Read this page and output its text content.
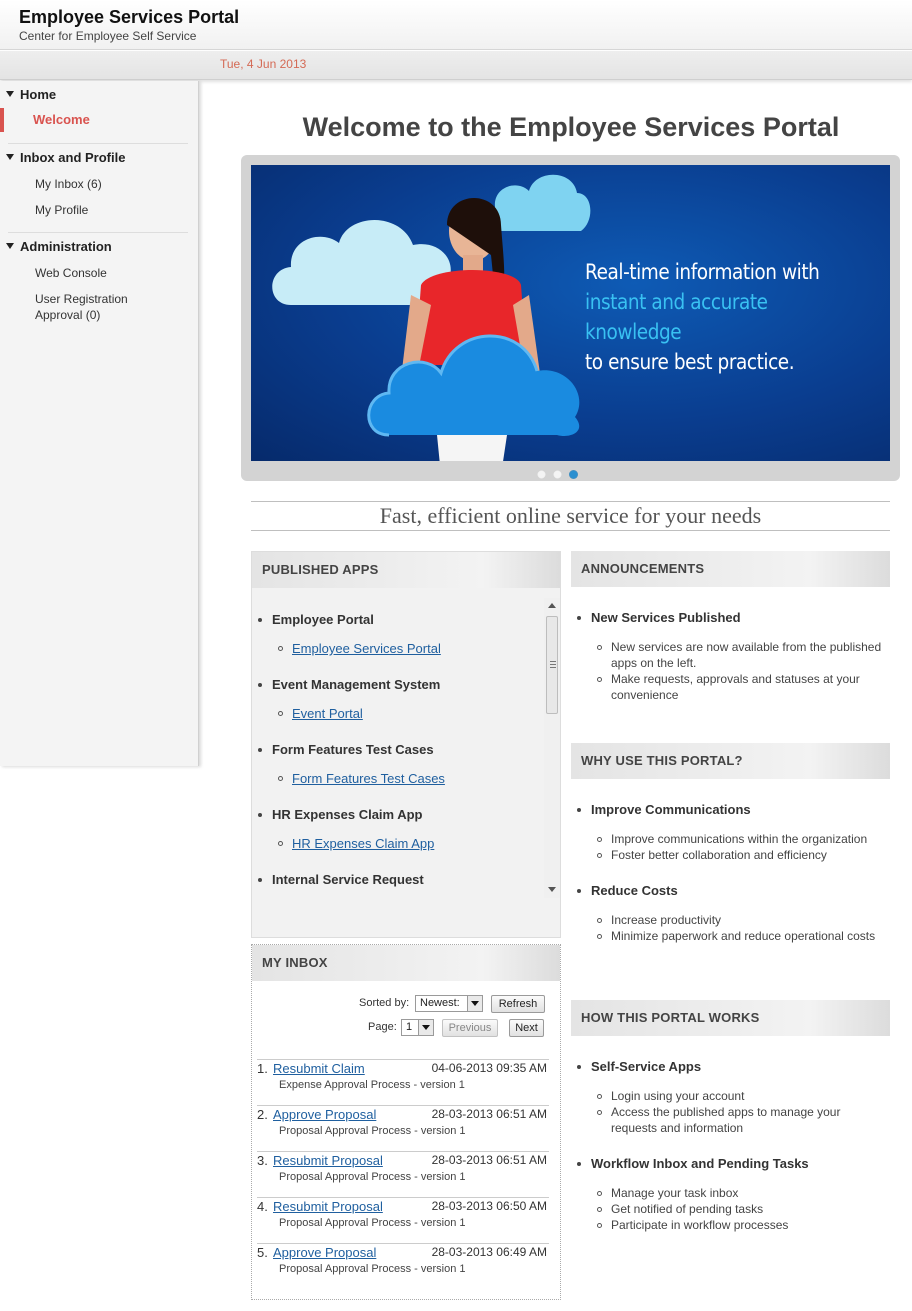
Employee Services Portal
Center for Employee Self Service
Tue, 4 Jun 2013
Home
Welcome
Inbox and Profile
My Inbox (6)
My Profile
Administration
Web Console
User Registration Approval (0)
Welcome to the Employee Services Portal
Real-time information with
instant and accurate knowledge
to ensure best practice.
Fast, efficient online service for your needs
PUBLISHED APPS
Employee Portal
Employee Services Portal
Event Management System
Event Portal
Form Features Test Cases
Form Features Test Cases
HR Expenses Claim App
HR Expenses Claim App
Internal Service Request
MY INBOX
Sorted by: Newest:	Refresh
Page: 1	Previous	Next
1. Resubmit Claim	04-06-2013 09:35 AM
Expense Approval Process - version 1
2. Approve Proposal	28-03-2013 06:51 AM
Proposal Approval Process - version 1
3. Resubmit Proposal	28-03-2013 06:51 AM
Proposal Approval Process - version 1
4. Resubmit Proposal	28-03-2013 06:50 AM
Proposal Approval Process - version 1
5. Approve Proposal	28-03-2013 06:49 AM
Proposal Approval Process - version 1
ANNOUNCEMENTS
New Services Published
New services are now available from the published apps on the left.
Make requests, approvals and statuses at your convenience
WHY USE THIS PORTAL?
Improve Communications
Improve communications within the organization
Foster better collaboration and efficiency
Reduce Costs
Increase productivity
Minimize paperwork and reduce operational costs
HOW THIS PORTAL WORKS
Self-Service Apps
Login using your account
Access the published apps to manage your requests and information
Workflow Inbox and Pending Tasks
Manage your task inbox
Get notified of pending tasks
Participate in workflow processes
